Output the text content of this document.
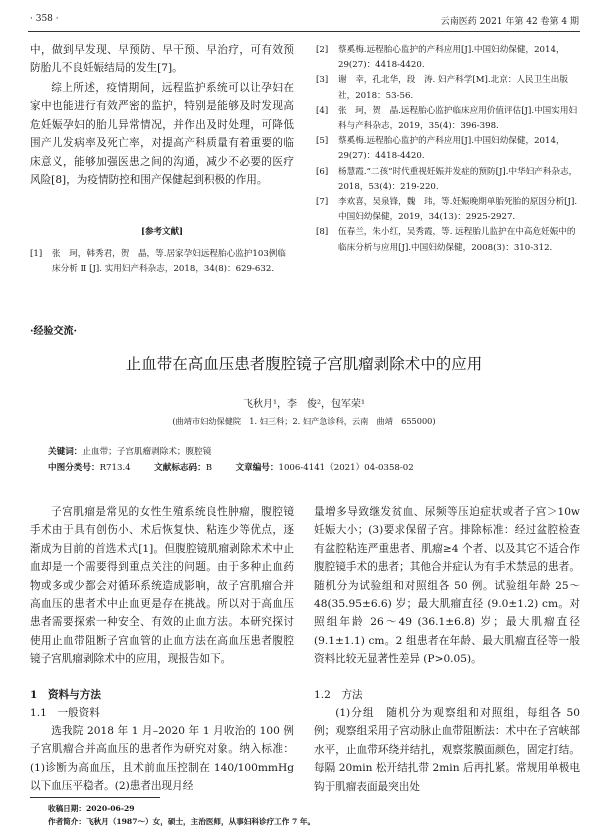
· 358 ·	云南医药 2021 年第 42 卷第 4 期
中，做到早发现、早预防、早干预、早治疗，可有效预防胎儿不良妊娠结局的发生[7]。
综上所述，疫情期间，远程监护系统可以让孕妇在家中也能进行有效严密的监护，特别是能够及时发现高危妊娠孕妇的胎儿异常情况，并作出及时处理，可降低围产儿发病率及死亡率，对提高产科质量有着重要的临床意义，能够加强医患之间的沟通，减少不必要的医疗风险[8]，为疫情防控和围产保健起到积极的作用。
[参考文献]
[1] 张　珂，韩秀君，贺　晶，等.居家孕妇远程胎心监护103例临床分析 Ⅱ [J]. 实用妇产科杂志，2018，34(8)：629-632.
[2] 蔡奚梅.远程胎心监护的产科应用[J].中国妇幼保健，2014，29(27)：4418-4420.
[3] 谢　幸，孔北华，段　涛. 妇产科学[M].北京：人民卫生出版社，2018：53-56.
[4] 张　珂，贺　晶.远程胎心监护临床应用价值评估[J].中国实用妇科与产科杂志，2019，35(4)：396-398.
[5] 蔡奚梅.远程胎心监护的产科应用[J].中国妇幼保健，2014，29(27)：4418-4420.
[6] 杨慧霞.“二孩”时代重视妊娠并发症的预防[J].中华妇产科杂志，2018，53(4)：219-220.
[7] 李欢喜，吴泉锋，魏　玮，等.妊娠晚期单胎死胎的原因分析[J].中国妇幼保健，2019，34(13)：2925-2927.
[8] 伍春兰，朱小红，吴秀霞，等. 远程胎儿监护在中高危妊娠中的临床分析与应用[J].中国妇幼保健，2008(3)：310-312.
·经验交流·
止血带在高血压患者腹腔镜子宫肌瘤剥除术中的应用
飞秋月¹，李　俊²，包军荣¹
(曲靖市妇幼保健院　1. 妇三科；2. 妇产急诊科，云南　曲靖　655000)
关键词：止血带；子宫肌瘤剥除术；腹腔镜
中图分类号：R713.4	文献标志码：B	文章编号：1006-4141（2021）04-0358-02
子宫肌瘤是常见的女性生殖系统良性肿瘤，腹腔镜手术由于具有创伤小、术后恢复快、粘连少等优点，逐渐成为目前的首选术式[1]。但腹腔镜肌瘤剥除术术中止血却是一个需要得到重点关注的问题。由于多种止血药物或多或少都会对循环系统造成影响，故子宫肌瘤合并高血压的患者术中止血更是存在挑战。所以对于高血压患者需要探索一种安全、有效的止血方法。本研究探讨使用止血带阻断子宫血管的止血方法在高血压患者腹腔镜子宫肌瘤剥除术中的应用，现报告如下。
1　资料与方法
1.1　一般资料
选我院 2018 年 1 月–2020 年 1 月收治的 100 例子宫肌瘤合并高血压的患者作为研究对象。纳入标准：(1)诊断为高血压，且术前血压控制在 140/100mmHg 以下血压平稳者。(2)患者出现月经
量增多导致继发贫血、尿频等压迫症状或者子宫＞10w 妊娠大小；(3)要求保留子宫。排除标准：经过盆腔检查有盆腔粘连严重患者、肌瘤≥4 个者、以及其它不适合作腹腔镜手术的患者；其他合并症认为有手术禁忌的患者。随机分为试验组和对照组各 50 例。试验组年龄 25～48(35.95±6.6) 岁；最大肌瘤直径 (9.0±1.2) cm。对照组年龄 26～49 (36.1±6.8) 岁；最大肌瘤直径 (9.1±1.1) cm。2 组患者在年龄、最大肌瘤直径等一般资料比较无显著性差异 (P>0.05)。
1.2　方法
(1)分组　随机分为观察组和对照组，每组各 50 例；观察组采用子宫动脉止血带阻断法：术中在子宫峡部水平，止血带环绕并结扎，观察浆膜面颜色，固定打结。每隔 20min 松开结扎带 2min 后再扎紧。常规用单极电钩于肌瘤表面最突出处
收稿日期：2020-06-29
作者简介：飞秋月（1987～）女，硕士，主治医师，从事妇科诊疗工作 7 年。
